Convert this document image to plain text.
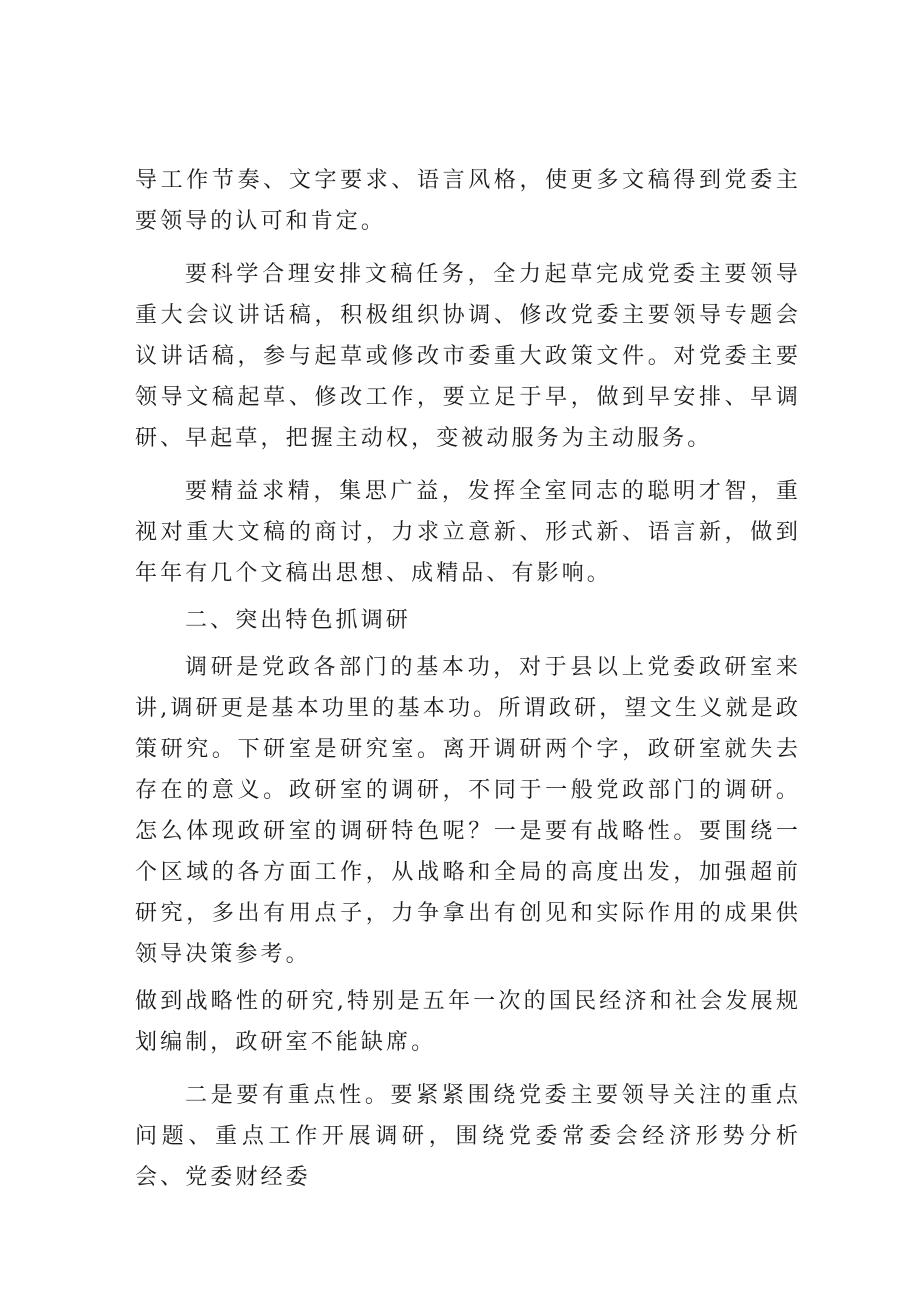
导工作节奏、文字要求、语言风格，使更多文稿得到党委主要领导的认可和肯定。

要科学合理安排文稿任务，全力起草完成党委主要领导重大会议讲话稿，积极组织协调、修改党委主要领导专题会议讲话稿，参与起草或修改市委重大政策文件。对党委主要领导文稿起草、修改工作，要立足于早，做到早安排、早调研、早起草，把握主动权，变被动服务为主动服务。

要精益求精，集思广益，发挥全室同志的聪明才智，重视对重大文稿的商讨，力求立意新、形式新、语言新，做到年年有几个文稿出思想、成精品、有影响。

二、突出特色抓调研

调研是党政各部门的基本功，对于县以上党委政研室来讲,调研更是基本功里的基本功。所谓政研，望文生义就是政策研究。下研室是研究室。离开调研两个字，政研室就失去存在的意义。政研室的调研，不同于一般党政部门的调研。怎么体现政研室的调研特色呢？一是要有战略性。要围绕一个区域的各方面工作，从战略和全局的高度出发，加强超前研究，多出有用点子，力争拿出有创见和实际作用的成果供领导决策参考。

做到战略性的研究,特别是五年一次的国民经济和社会发展规划编制，政研室不能缺席。

二是要有重点性。要紧紧围绕党委主要领导关注的重点问题、重点工作开展调研，围绕党委常委会经济形势分析会、党委财经委
